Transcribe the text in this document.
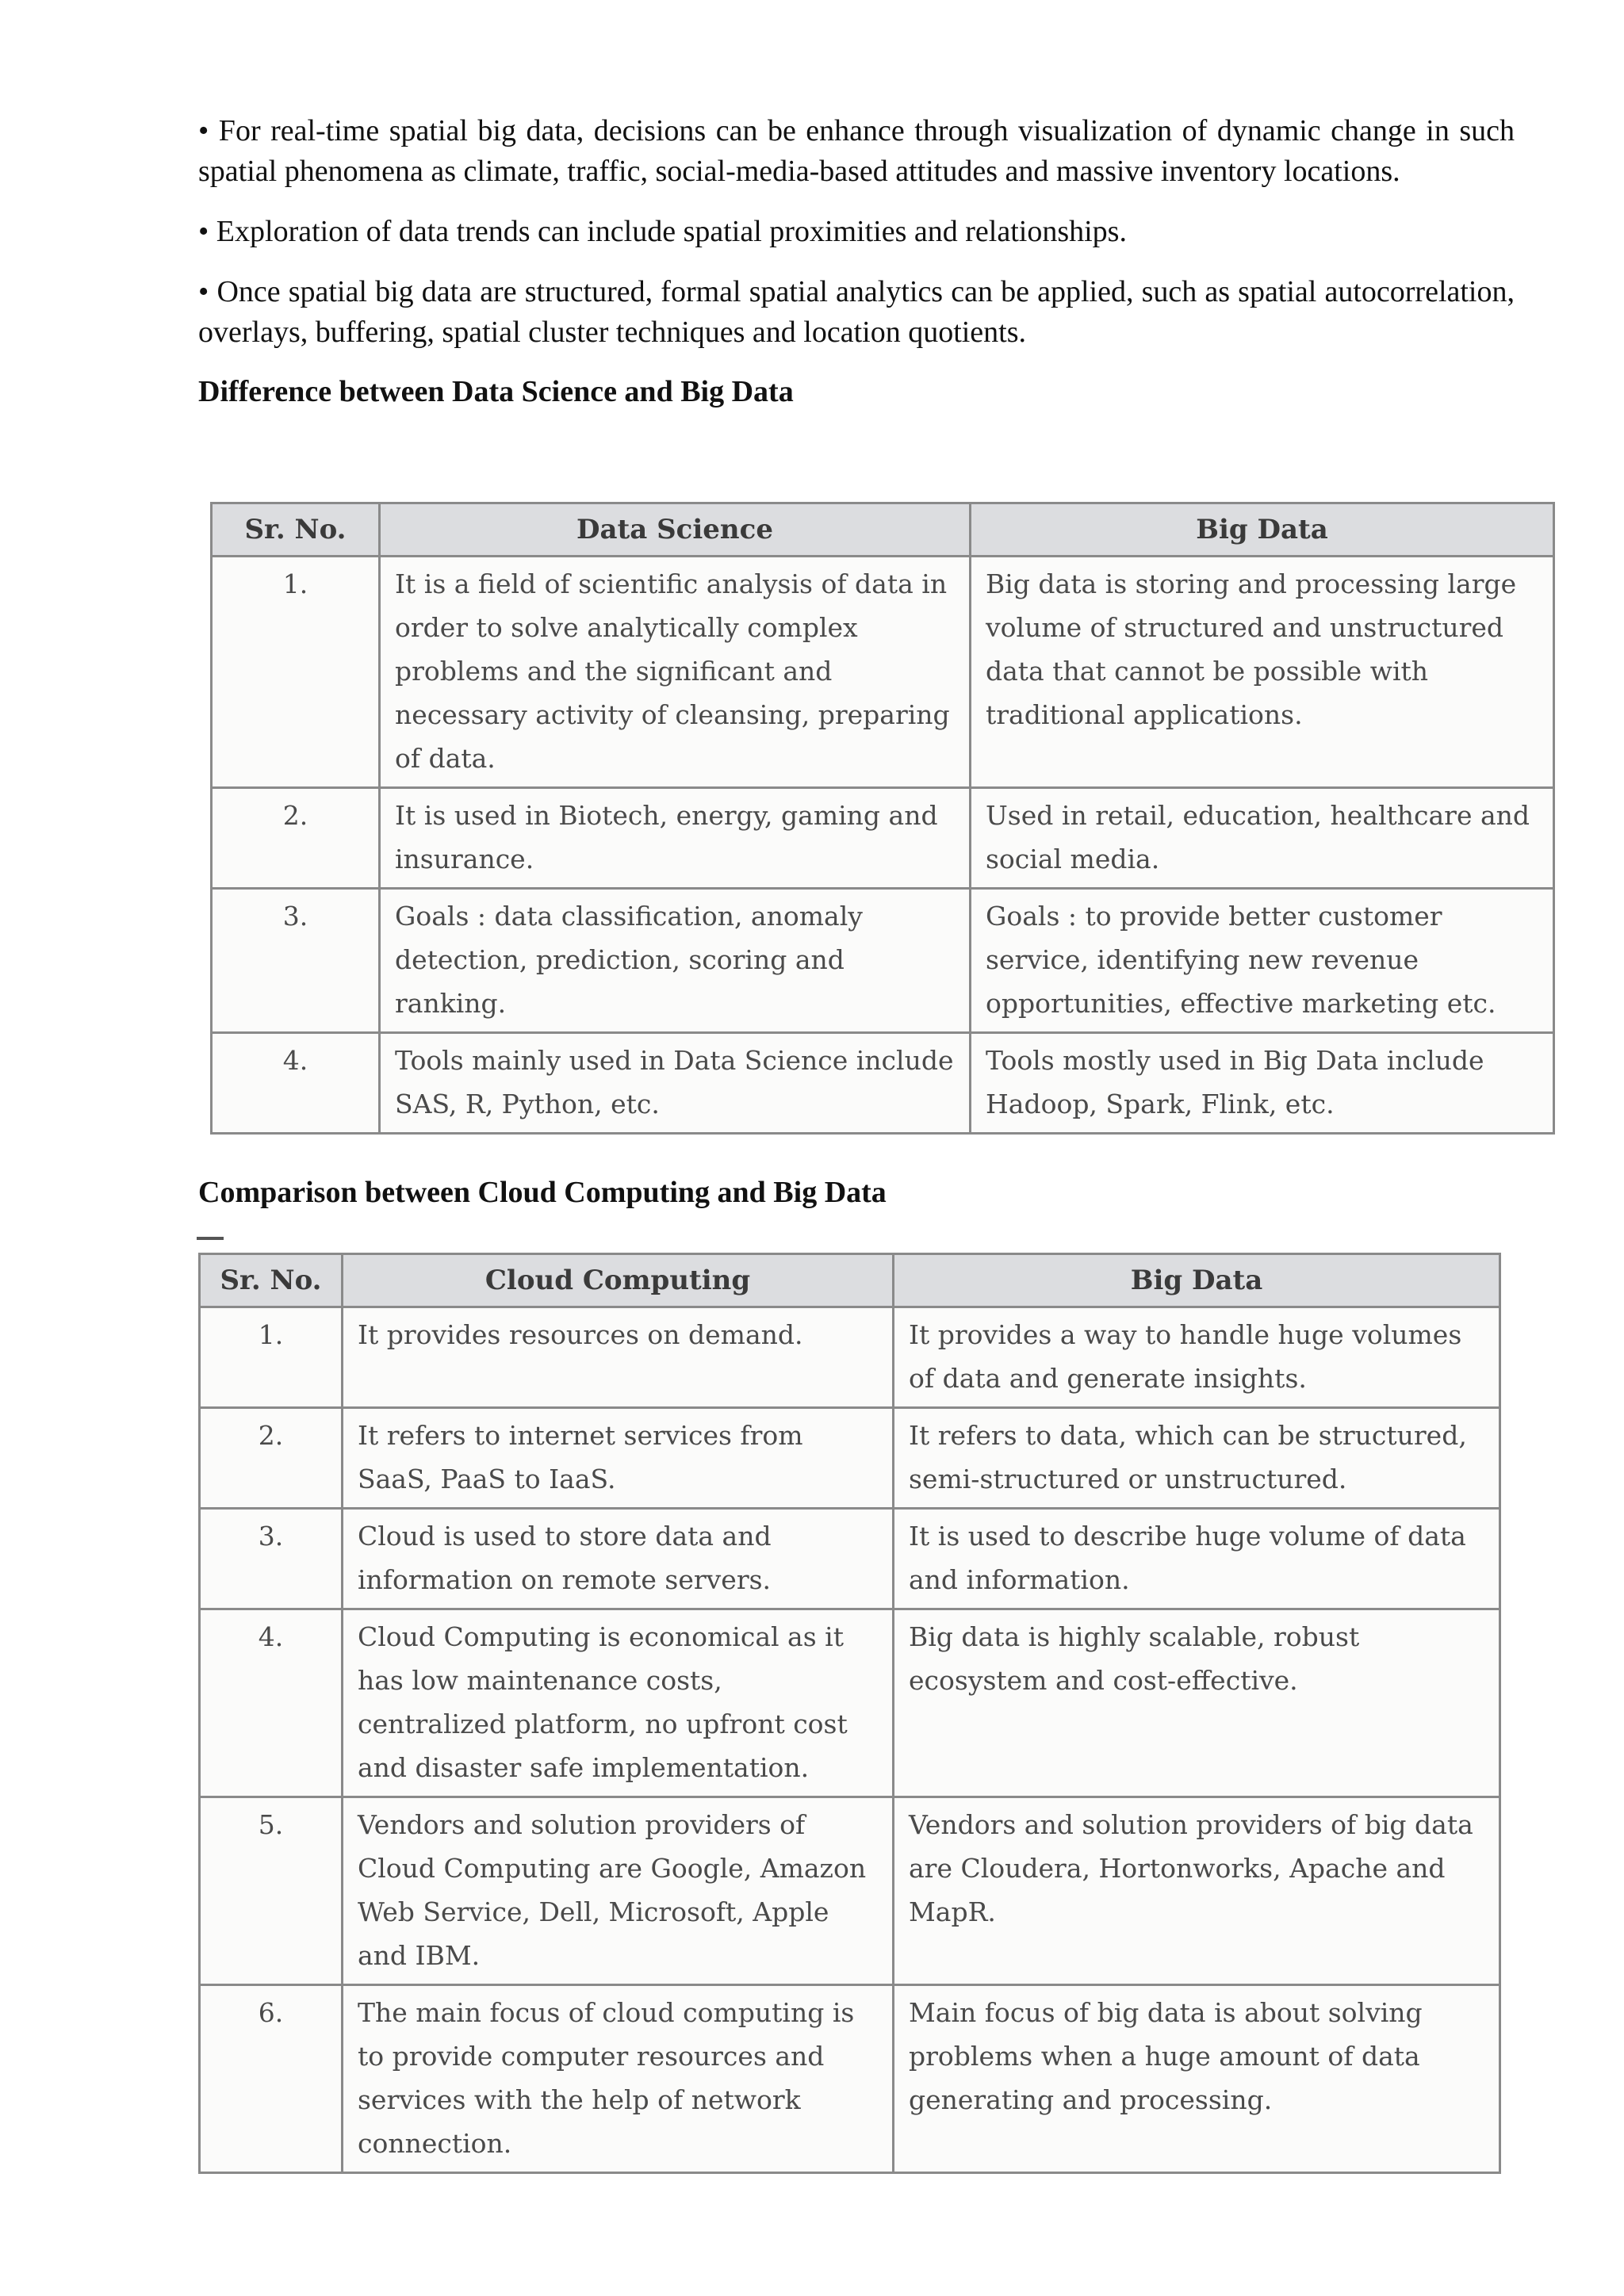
• For real-time spatial big data, decisions can be enhance through visualization of dynamic change in such spatial phenomena as climate, traffic, social-media-based attitudes and massive inventory locations.

• Exploration of data trends can include spatial proximities and relationships.

• Once spatial big data are structured, formal spatial analytics can be applied, such as spatial autocorrelation, overlays, buffering, spatial cluster techniques and location quotients.

Difference between Data Science and Big Data

Sr. No.	Data Science	Big Data
1.	It is a field of scientific analysis of data in order to solve analytically complex problems and the significant and necessary activity of cleansing, preparing of data.	Big data is storing and processing large volume of structured and unstructured data that cannot be possible with traditional applications.
2.	It is used in Biotech, energy, gaming and insurance.	Used in retail, education, healthcare and social media.
3.	Goals : data classification, anomaly detection, prediction, scoring and ranking.	Goals : to provide better customer service, identifying new revenue opportunities, effective marketing etc.
4.	Tools mainly used in Data Science include SAS, R, Python, etc.	Tools mostly used in Big Data include Hadoop, Spark, Flink, etc.

Comparison between Cloud Computing and Big Data

Sr. No.	Cloud Computing	Big Data
1.	It provides resources on demand.	It provides a way to handle huge volumes of data and generate insights.
2.	It refers to internet services from SaaS, PaaS to IaaS.	It refers to data, which can be structured, semi-structured or unstructured.
3.	Cloud is used to store data and information on remote servers.	It is used to describe huge volume of data and information.
4.	Cloud Computing is economical as it has low maintenance costs, centralized platform, no upfront cost and disaster safe implementation.	Big data is highly scalable, robust ecosystem and cost-effective.
5.	Vendors and solution providers of Cloud Computing are Google, Amazon Web Service, Dell, Microsoft, Apple and IBM.	Vendors and solution providers of big data are Cloudera, Hortonworks, Apache and MapR.
6.	The main focus of cloud computing is to provide computer resources and services with the help of network connection.	Main focus of big data is about solving problems when a huge amount of data generating and processing.
